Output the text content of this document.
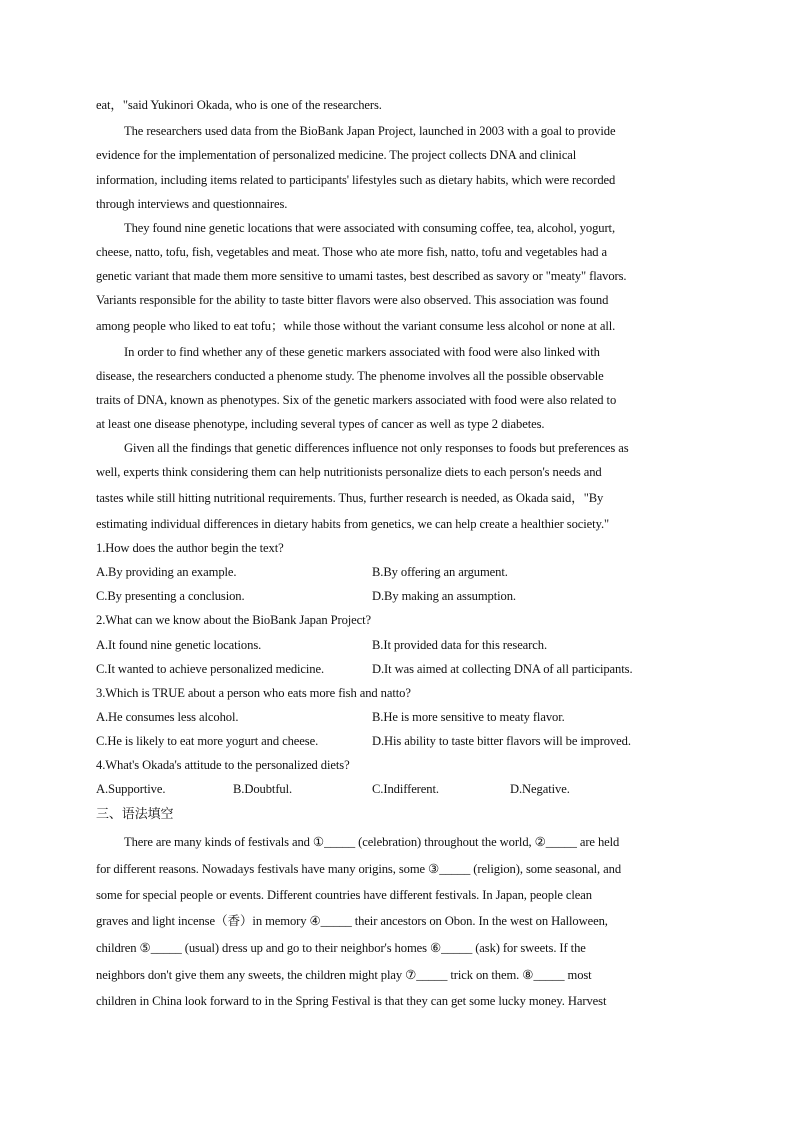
eat，"said Yukinori Okada, who is one of the researchers.
The researchers used data from the BioBank Japan Project, launched in 2003 with a goal to provide
evidence for the implementation of personalized medicine. The project collects DNA and clinical
information, including items related to participants' lifestyles such as dietary habits, which were recorded
through interviews and questionnaires.
They found nine genetic locations that were associated with consuming coffee, tea, alcohol, yogurt,
cheese, natto, tofu, fish, vegetables and meat. Those who ate more fish, natto, tofu and vegetables had a
genetic variant that made them more sensitive to umami tastes, best described as savory or "meaty" flavors.
Variants responsible for the ability to taste bitter flavors were also observed. This association was found
among people who liked to eat tofu；while those without the variant consume less alcohol or none at all.
In order to find whether any of these genetic markers associated with food were also linked with
disease, the researchers conducted a phenome study. The phenome involves all the possible observable
traits of DNA, known as phenotypes. Six of the genetic markers associated with food were also related to
at least one disease phenotype, including several types of cancer as well as type 2 diabetes.
Given all the findings that genetic differences influence not only responses to foods but preferences as
well, experts think considering them can help nutritionists personalize diets to each person's needs and
tastes while still hitting nutritional requirements. Thus, further research is needed, as Okada said，"By
estimating individual differences in dietary habits from genetics, we can help create a healthier society."
1.How does the author begin the text?
A.By providing an example.	B.By offering an argument.
C.By presenting a conclusion.	D.By making an assumption.
2.What can we know about the BioBank Japan Project?
A.It found nine genetic locations.	B.It provided data for this research.
C.It wanted to achieve personalized medicine.	D.It was aimed at collecting DNA of all participants.
3.Which is TRUE about a person who eats more fish and natto?
A.He consumes less alcohol.	B.He is more sensitive to meaty flavor.
C.He is likely to eat more yogurt and cheese.	D.His ability to taste bitter flavors will be improved.
4.What's Okada's attitude to the personalized diets?
A.Supportive.	B.Doubtful.	C.Indifferent.	D.Negative.
三、语法填空
There are many kinds of festivals and ①_____ (celebration) throughout the world, ②_____ are held
for different reasons. Nowadays festivals have many origins, some ③_____ (religion), some seasonal, and
some for special people or events. Different countries have different festivals. In Japan, people clean
graves and light incense（香）in memory ④_____ their ancestors on Obon. In the west on Halloween,
children ⑤_____ (usual) dress up and go to their neighbor's homes ⑥_____ (ask) for sweets. If the
neighbors don't give them any sweets, the children might play ⑦_____ trick on them. ⑧_____ most
children in China look forward to in the Spring Festival is that they can get some lucky money. Harvest
